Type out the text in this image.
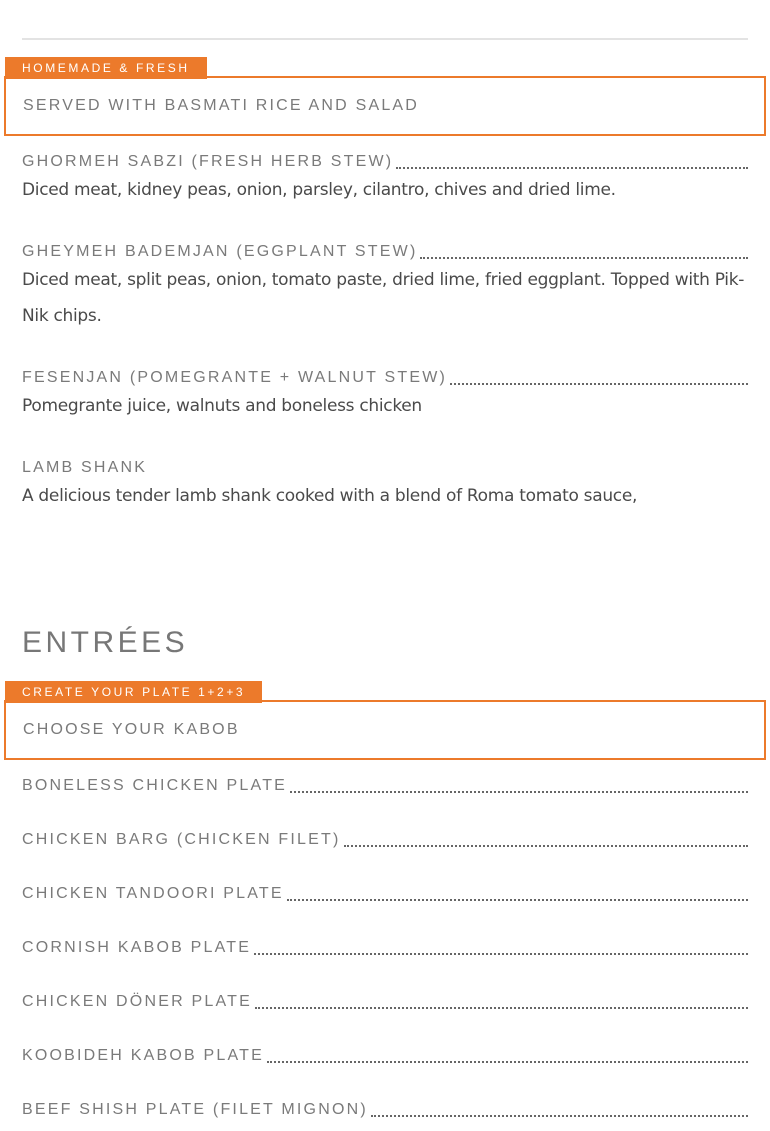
HOMEMADE & FRESH
SERVED WITH BASMATI RICE AND SALAD
GHORMEH SABZI (FRESH HERB STEW)
Diced meat, kidney peas, onion, parsley, cilantro, chives and dried lime.
GHEYMEH BADEMJAN (EGGPLANT STEW)
Diced meat, split peas, onion, tomato paste, dried lime, fried eggplant. Topped with Pik-Nik chips.
FESENJAN (POMEGRANTE + WALNUT STEW)
Pomegrante juice, walnuts and boneless chicken
LAMB SHANK
A delicious tender lamb shank cooked with a blend of Roma tomato sauce,
ENTRÉES
CREATE YOUR PLATE 1+2+3
CHOOSE YOUR KABOB
BONELESS CHICKEN PLATE
CHICKEN BARG (CHICKEN FILET)
CHICKEN TANDOORI PLATE
CORNISH KABOB PLATE
CHICKEN DÖNER PLATE
KOOBIDEH KABOB PLATE
BEEF SHISH PLATE (FILET MIGNON)
